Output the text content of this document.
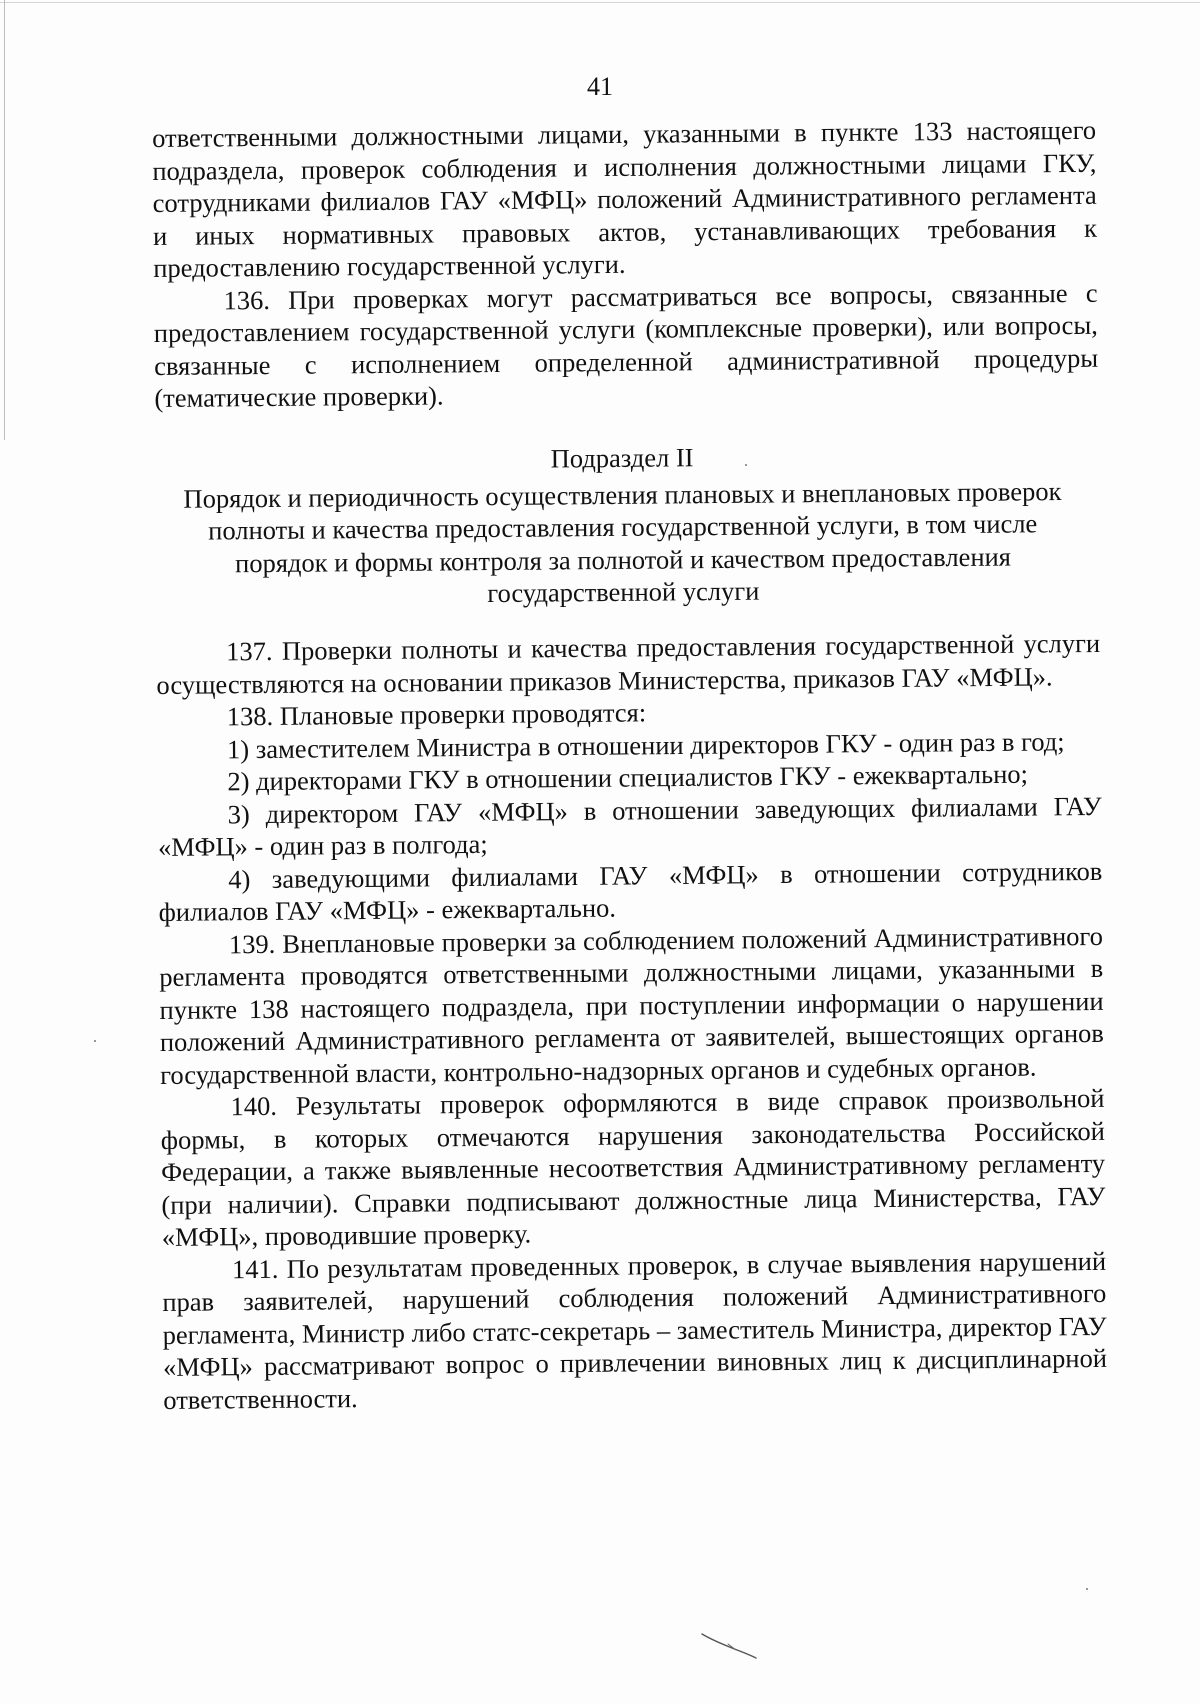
41

ответственными должностными лицами, указанными в пункте 133 настоящего подраздела, проверок соблюдения и исполнения должностными лицами ГКУ, сотрудниками филиалов ГАУ «МФЦ» положений Административного регламента и иных нормативных правовых актов, устанавливающих требования к предоставлению государственной услуги.

136. При проверках могут рассматриваться все вопросы, связанные с предоставлением государственной услуги (комплексные проверки), или вопросы, связанные с исполнением определенной административной процедуры (тематические проверки).

Подраздел II

Порядок и периодичность осуществления плановых и внеплановых проверок полноты и качества предоставления государственной услуги, в том числе порядок и формы контроля за полнотой и качеством предоставления государственной услуги

137. Проверки полноты и качества предоставления государственной услуги осуществляются на основании приказов Министерства, приказов ГАУ «МФЦ».

138. Плановые проверки проводятся:

1) заместителем Министра в отношении директоров ГКУ - один раз в год;

2) директорами ГКУ в отношении специалистов ГКУ - ежеквартально;

3) директором ГАУ «МФЦ» в отношении заведующих филиалами ГАУ «МФЦ» - один раз в полгода;

4) заведующими филиалами ГАУ «МФЦ» в отношении сотрудников филиалов ГАУ «МФЦ» - ежеквартально.

139. Внеплановые проверки за соблюдением положений Административного регламента проводятся ответственными должностными лицами, указанными в пункте 138 настоящего подраздела, при поступлении информации о нарушении положений Административного регламента от заявителей, вышестоящих органов государственной власти, контрольно-надзорных органов и судебных органов.

140. Результаты проверок оформляются в виде справок произвольной формы, в которых отмечаются нарушения законодательства Российской Федерации, а также выявленные несоответствия Административному регламенту (при наличии). Справки подписывают должностные лица Министерства, ГАУ «МФЦ», проводившие проверку.

141. По результатам проведенных проверок, в случае выявления нарушений прав заявителей, нарушений соблюдения положений Административного регламента, Министр либо статс-секретарь – заместитель Министра, директор ГАУ «МФЦ» рассматривают вопрос о привлечении виновных лиц к дисциплинарной ответственности.
